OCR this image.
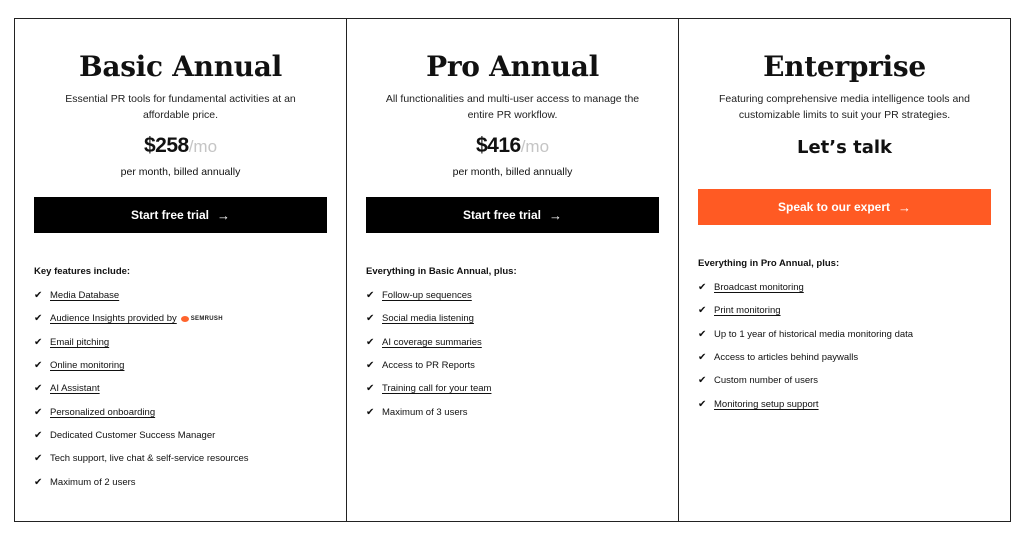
Basic Annual

Essential PR tools for fundamental activities at an affordable price.

$258/mo
per month, billed annually
Start free trial →
Key features include:
✔ Media Database
✔ Audience Insights provided by SEMRUSH
✔ Email pitching
✔ Online monitoring
✔ AI Assistant
✔ Personalized onboarding
✔ Dedicated Customer Success Manager
✔ Tech support, live chat & self-service resources
✔ Maximum of 2 users
Pro Annual

All functionalities and multi-user access to manage the entire PR workflow.

$416/mo
per month, billed annually
Start free trial →
Everything in Basic Annual, plus:
✔ Follow-up sequences
✔ Social media listening
✔ AI coverage summaries
✔ Access to PR Reports
✔ Training call for your team
✔ Maximum of 3 users
Enterprise

Featuring comprehensive media intelligence tools and customizable limits to suit your PR strategies.

Let’s talk
Speak to our expert →
Everything in Pro Annual, plus:
✔ Broadcast monitoring
✔ Print monitoring
✔ Up to 1 year of historical media monitoring data
✔ Access to articles behind paywalls
✔ Custom number of users
✔ Monitoring setup support
